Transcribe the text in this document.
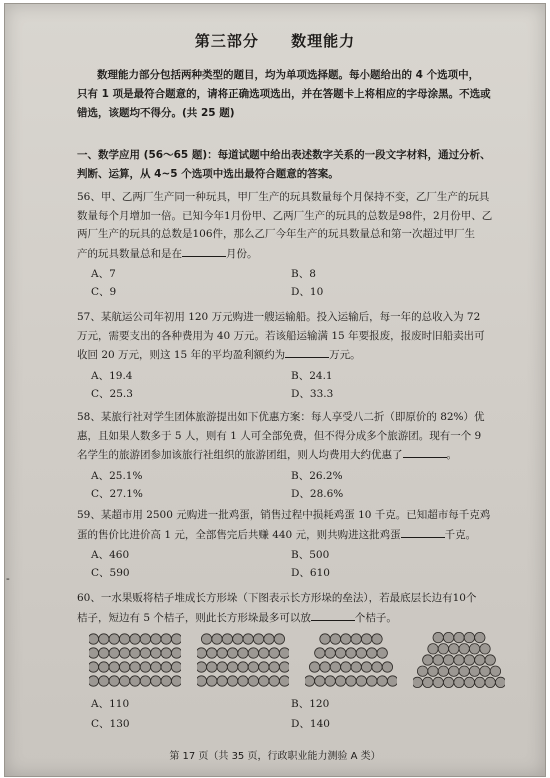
第三部分 数理能力
数理能力部分包括两种类型的题目，均为单项选择题。每小题给出的 4 个选项中，
只有 1 项是最符合题意的，请将正确选项选出，并在答题卡上将相应的字母涂黑。不选或
错选，该题均不得分。(共 25 题)
一、数学应用 (56～65 题)：每道试题中给出表述数字关系的一段文字材料，通过分析、
判断、运算，从 4~5 个选项中选出最符合题意的答案。
56、甲、乙两厂生产同一种玩具，甲厂生产的玩具数量每个月保持不变，乙厂生产的玩具
数量每个月增加一倍。已知今年1月份甲、乙两厂生产的玩具的总数是98件，2月份甲、乙
两厂生产的玩具的总数是106件，那么乙厂今年生产的玩具数量总和第一次超过甲厂生
产的玩具数量总和是在	月份。
A、7	B、8
C、9	D、10
57、某航运公司年初用 120 万元购进一艘运输船。投入运输后，每一年的总收入为 72
万元，需要支出的各种费用为 40 万元。若该船运输满 15 年要报废，报废时旧船卖出可
收回 20 万元，则这 15 年的平均盈利额约为	万元。
A、19.4	B、24.1
C、25.3	D、33.3
58、某旅行社对学生团体旅游提出如下优惠方案：每人享受八二折（即原价的 82%）优
惠，且如果人数多于 5 人，则有 1 人可全部免费，但不得分成多个旅游团。现有一个 9
名学生的旅游团参加该旅行社组织的旅游团组，则人均费用大约优惠了	。
A、25.1%	B、26.2%
C、27.1%	D、28.6%
59、某超市用 2500 元购进一批鸡蛋，销售过程中损耗鸡蛋 10 千克。已知超市每千克鸡
蛋的售价比进价高 1 元，全部售完后共赚 440 元，则共购进这批鸡蛋	千克。
A、460	B、500
C、590	D、610
60、一水果贩将桔子堆成长方形垛（下图表示长方形垛的垒法），若最底层长边有10个
桔子，短边有 5 个桔子，则此长方形垛最多可以放	个桔子。
A、110	B、120
C、130	D、140
第 17 页（共 35 页，行政职业能力测验 A 类）
-
